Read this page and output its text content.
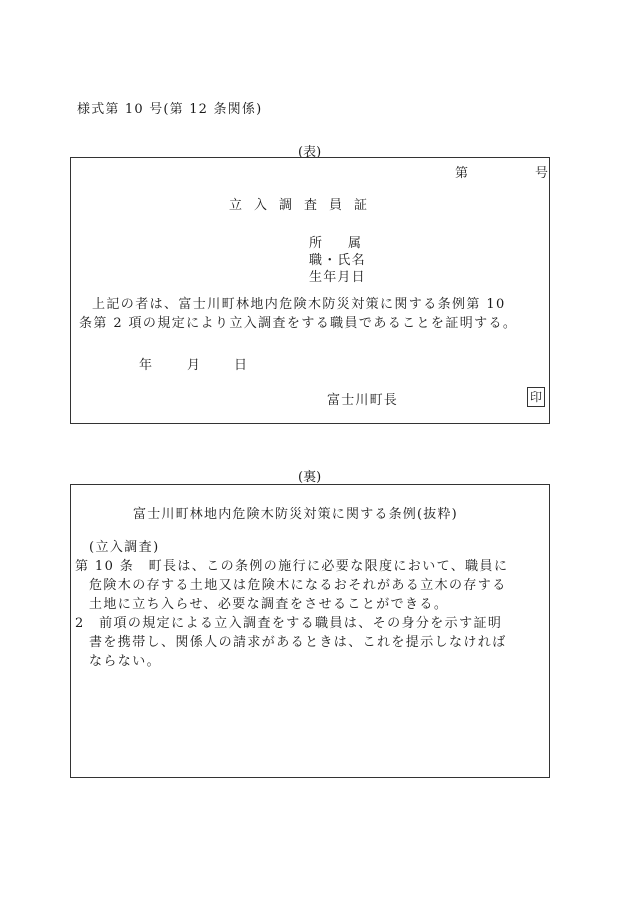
様式第 10 号(第 12 条関係)
(表)
第	号
立入調査員証
所　　属
職・氏名
生年月日
上記の者は、富士川町林地内危険木防災対策に関する条例第 10
条第 2 項の規定により立入調査をする職員であることを証明する。
年	月	日
富士川町長	印
(裏)
富士川町林地内危険木防災対策に関する条例(抜粋)
(立入調査)
第 10 条　町長は、この条例の施行に必要な限度において、職員に
危険木の存する土地又は危険木になるおそれがある立木の存する
土地に立ち入らせ、必要な調査をさせることができる。
2　前項の規定による立入調査をする職員は、その身分を示す証明
書を携帯し、関係人の請求があるときは、これを提示しなければ
ならない。
